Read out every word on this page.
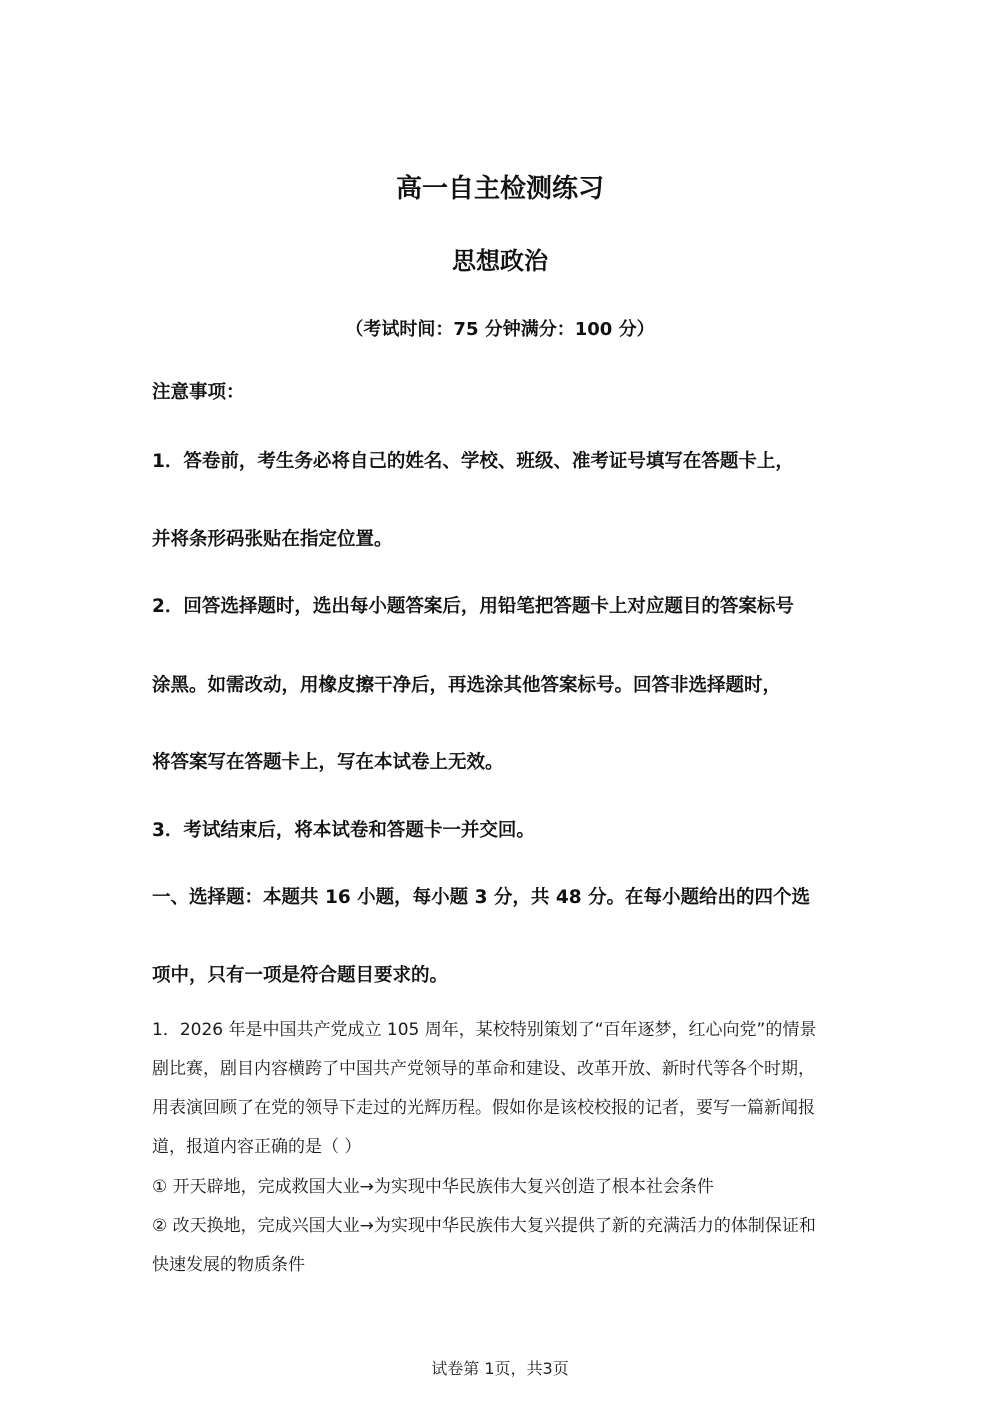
高一自主检测练习
思想政治
（考试时间：75 分钟满分：100 分）
注意事项：
1．答卷前，考生务必将自己的姓名、学校、班级、准考证号填写在答题卡上，
并将条形码张贴在指定位置。
2．回答选择题时，选出每小题答案后，用铅笔把答题卡上对应题目的答案标号
涂黑。如需改动，用橡皮擦干净后，再选涂其他答案标号。回答非选择题时，
将答案写在答题卡上，写在本试卷上无效。
3．考试结束后，将本试卷和答题卡一并交回。
一、选择题：本题共 16 小题，每小题 3 分，共 48 分。在每小题给出的四个选
项中，只有一项是符合题目要求的。
1．2026 年是中国共产党成立 105 周年，某校特别策划了“百年逐梦，红心向党”的情景
剧比赛，剧目内容横跨了中国共产党领导的革命和建设、改革开放、新时代等各个时期，
用表演回顾了在党的领导下走过的光辉历程。假如你是该校校报的记者，要写一篇新闻报
道，报道内容正确的是（ ）
① 开天辟地，完成救国大业→为实现中华民族伟大复兴创造了根本社会条件
② 改天换地，完成兴国大业→为实现中华民族伟大复兴提供了新的充满活力的体制保证和
快速发展的物质条件
试卷第 1页，共3页
